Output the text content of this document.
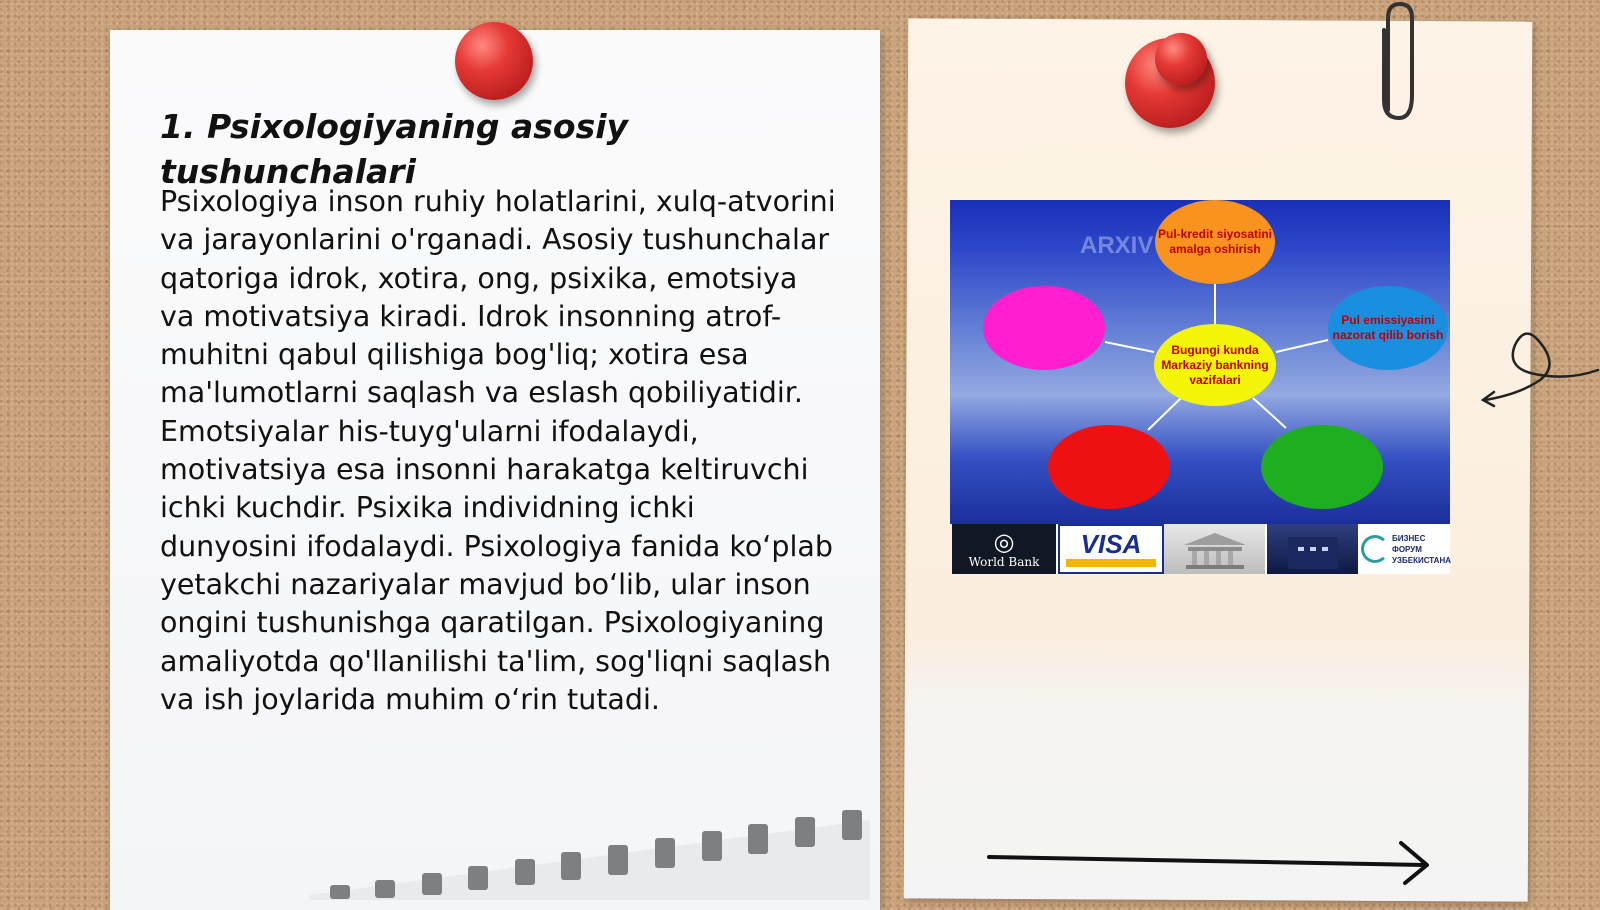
1. Psixologiyaning asosiy tushunchalari

Psixologiya inson ruhiy holatlarini, xulq-atvorini va jarayonlarini o'rganadi. Asosiy tushunchalar qatoriga idrok, xotira, ong, psixika, emotsiya va motivatsiya kiradi. Idrok insonning atrof-muhitni qabul qilishiga bog'liq; xotira esa ma'lumotlarni saqlash va eslash qobiliyatidir. Emotsiyalar his-tuyg'ularni ifodalaydi, motivatsiya esa insonni harakatga keltiruvchi ichki kuchdir. Psixika individning ichki dunyosini ifodalaydi. Psixologiya fanida ko‘plab yetakchi nazariyalar mavjud bo‘lib, ular inson ongini tushunishga qaratilgan. Psixologiyaning amaliyotda qo'llanilishi ta'lim, sog'liqni saqlash va ish joylarida muhim o‘rin tutadi.

ARXIV
Bugungi kunda Markaziy bankning vazifalari
Pul-kredit siyosatini amalga oshirish
Pul emissiyasini nazorat qilib borish
◎
World Bank
VISA	БИЗНЕС ФОРУМ УЗБЕКИСТАНА
